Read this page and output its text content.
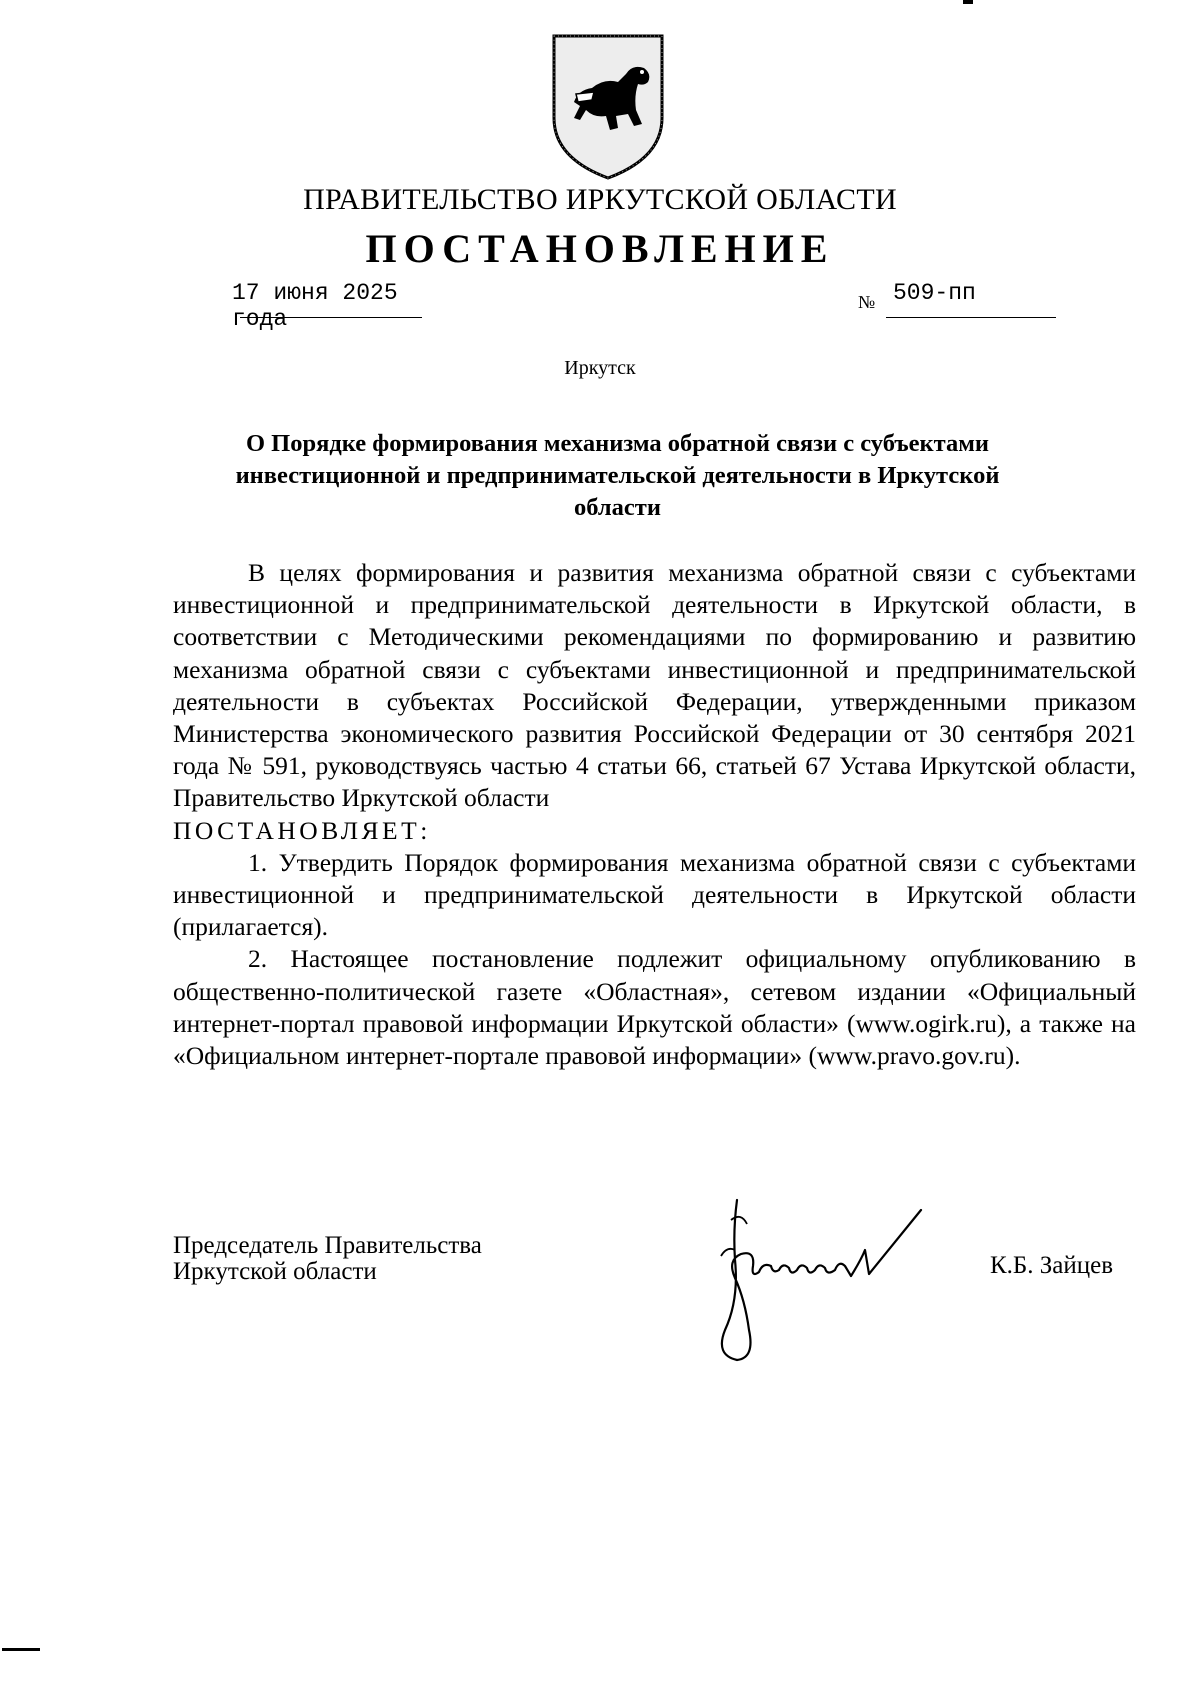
ПРАВИТЕЛЬСТВО ИРКУТСКОЙ ОБЛАСТИ
ПОСТАНОВЛЕНИЕ
17 июня 2025 года
№ 509-пп
Иркутск
О Порядке формирования механизма обратной связи с субъектами инвестиционной и предпринимательской деятельности в Иркутской области

В целях формирования и развития механизма обратной связи с субъектами инвестиционной и предпринимательской деятельности в Иркутской области, в соответствии с Методическими рекомендациями по формированию и развитию механизма обратной связи с субъектами инвестиционной и предпринимательской деятельности в субъектах Российской Федерации, утвержденными приказом Министерства экономического развития Российской Федерации от 30 сентября 2021 года № 591, руководствуясь частью 4 статьи 66, статьей 67 Устава Иркутской области, Правительство Иркутской области

ПОСТАНОВЛЯЕТ:

1. Утвердить Порядок формирования механизма обратной связи с субъектами инвестиционной и предпринимательской деятельности в Иркутской области (прилагается).

2. Настоящее постановление подлежит официальному опубликованию в общественно-политической газете «Областная», сетевом издании «Официальный интернет-портал правовой информации Иркутской области» (www.ogirk.ru), а также на «Официальном интернет-портале правовой информации» (www.pravo.gov.ru).

Председатель Правительства
Иркутской области	К.Б. Зайцев
